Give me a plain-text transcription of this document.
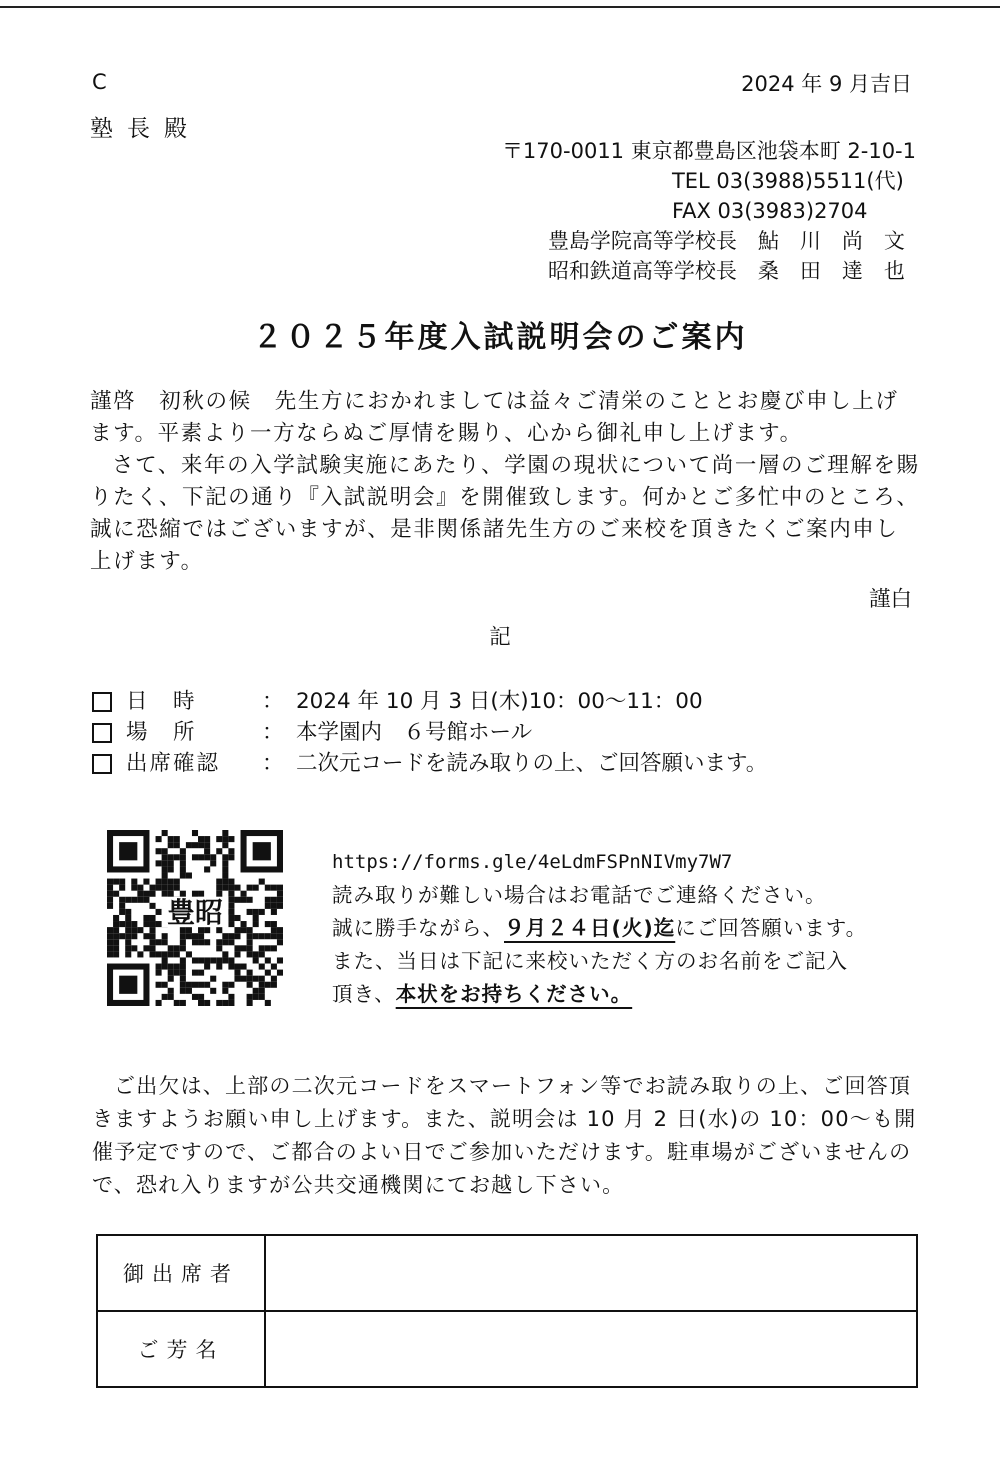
C
塾長殿
2024 年 9 月吉日
〒170-0011 東京都豊島区池袋本町 2-10-1
TEL 03(3988)5511(代)
FAX 03(3983)2704
豊島学院高等学校長　鮎　川　尚　文
昭和鉄道高等学校長　桑　田　達　也
２０２５年度入試説明会のご案内

謹啓　初秋の候　先生方におかれましては益々ご清栄のこととお慶び申し上げます。平素より一方ならぬご厚情を賜り、心から御礼申し上げます。

さて、来年の入学試験実施にあたり、学園の現状について尚一層のご理解を賜りたく、下記の通り『入試説明会』を開催致します。何かとご多忙中のところ、誠に恐縮ではございますが、是非関係諸先生方のご来校を頂きたくご案内申し上げます。

謹白
記
日　時	： 2024 年 10 月 3 日(木)10：00～11：00
場　所	： 本学園内　６号館ホール
出席確認	： 二次元コードを読み取りの上、ご回答願います。
豊昭
https://forms.gle/4eLdmFSPnNIVmy7W7
読み取りが難しい場合はお電話でご連絡ください。
誠に勝手ながら、９月２４日(火)迄にご回答願います。
また、当日は下記に来校いただく方のお名前をご記入
頂き、本状をお持ちください。

ご出欠は、上部の二次元コードをスマートフォン等でお読み取りの上、ご回答頂きますようお願い申し上げます。また、説明会は 10 月 2 日(水)の 10：00～も開催予定ですので、ご都合のよい日でご参加いただけます。駐車場がございませんので、恐れ入りますが公共交通機関にてお越し下さい。

御出席者	
ご芳名	
